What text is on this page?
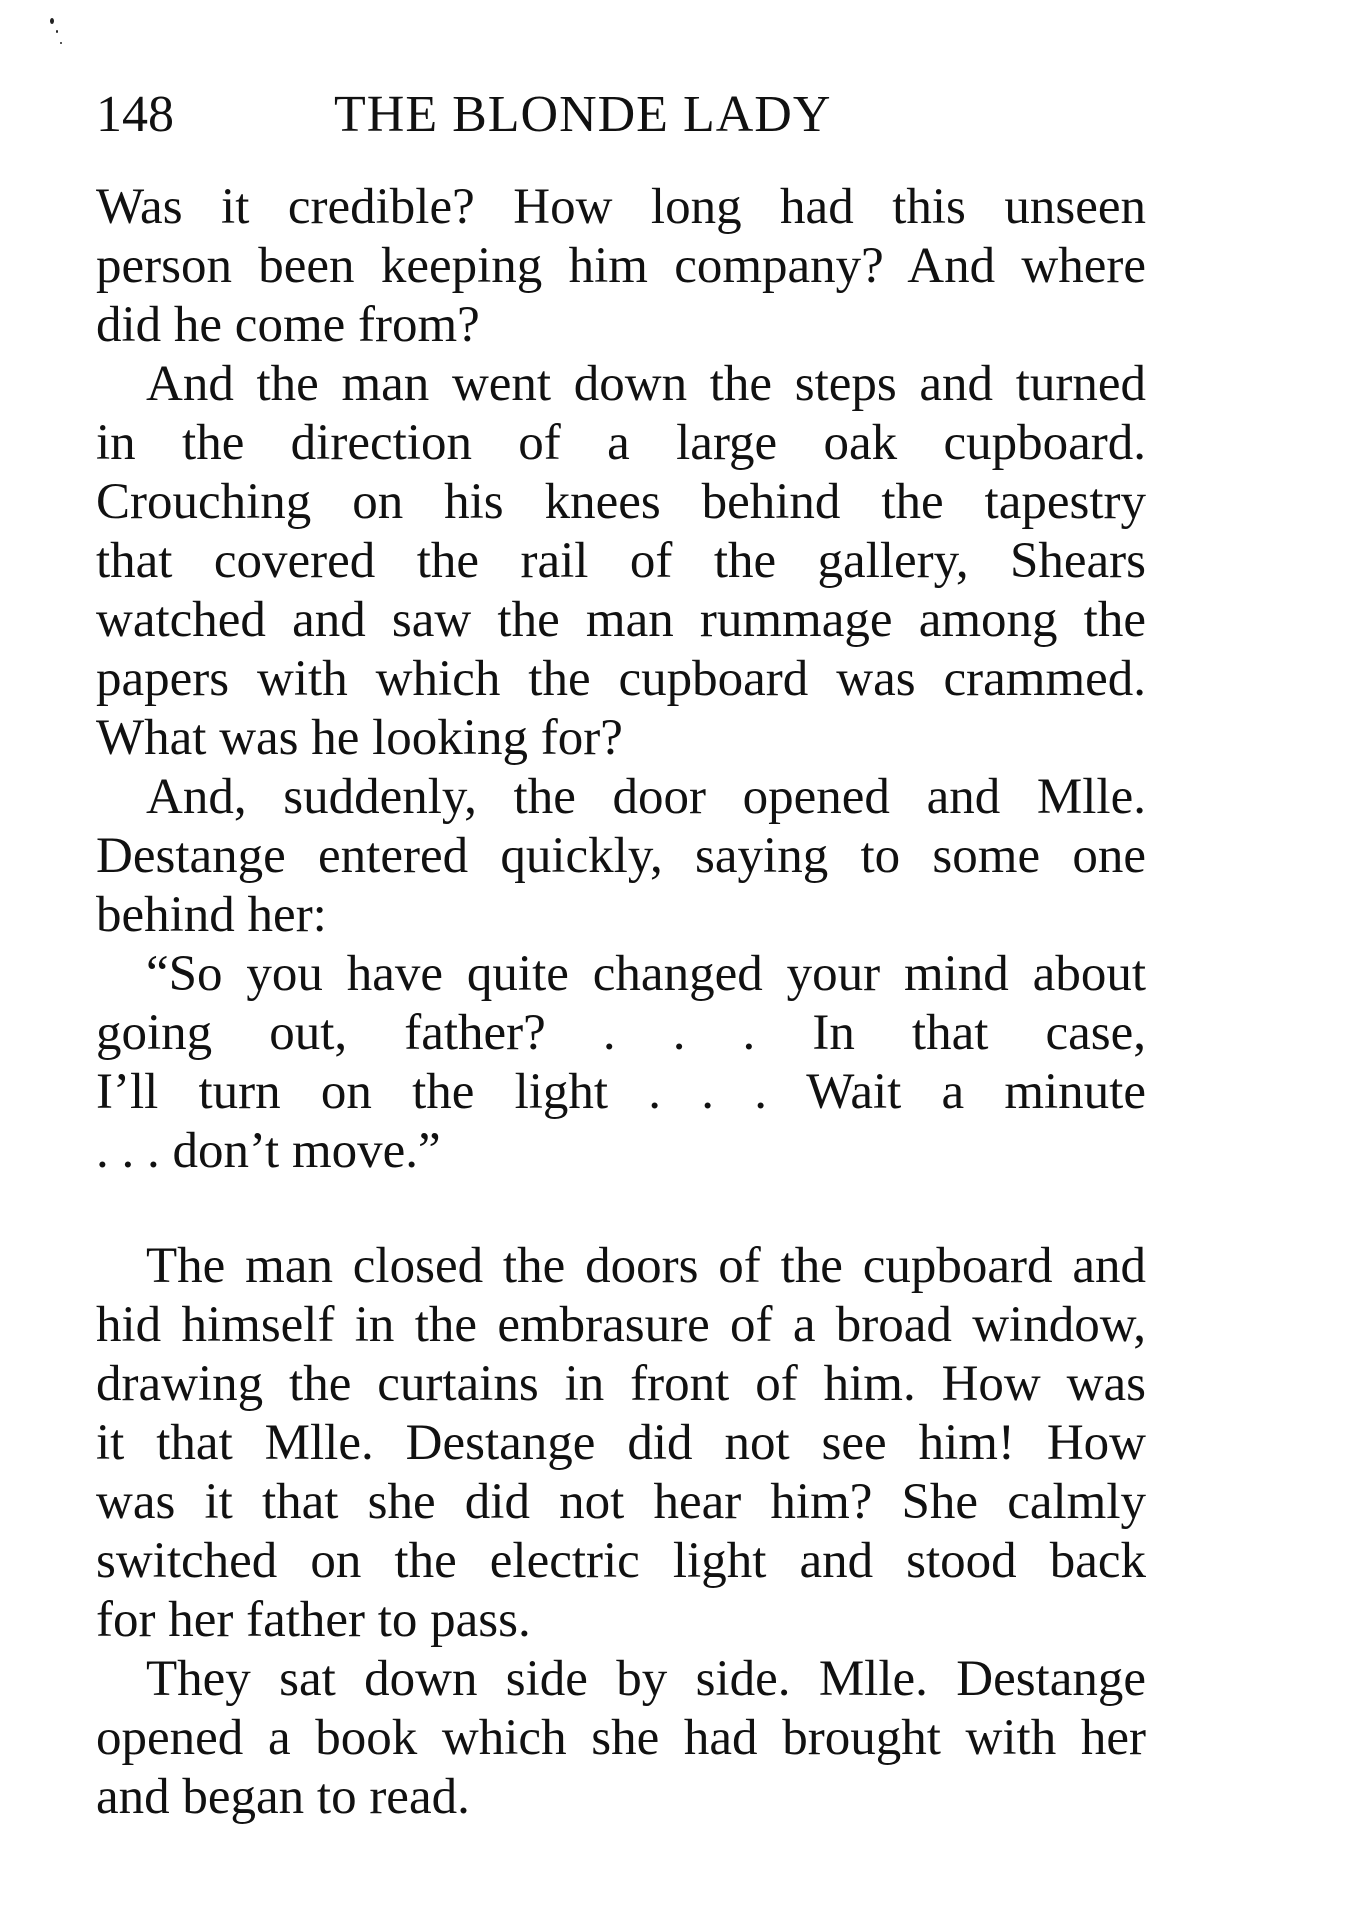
148	THE BLONDE LADY
Was it credible? How long had this unseen
person been keeping him company? And where
did he come from?
And the man went down the steps and turned
in the direction of a large oak cupboard.
Crouching on his knees behind the tapestry
that covered the rail of the gallery, Shears
watched and saw the man rummage among the
papers with which the cupboard was crammed.
What was he looking for?
And, suddenly, the door opened and Mlle.
Destange entered quickly, saying to some one
behind her:
“So you have quite changed your mind about
going out, father? . . . In that case,
I’ll turn on the light . . . Wait a minute
. . . don’t move.”
The man closed the doors of the cupboard and
hid himself in the embrasure of a broad window,
drawing the curtains in front of him. How was
it that Mlle. Destange did not see him! How
was it that she did not hear him? She calmly
switched on the electric light and stood back
for her father to pass.
They sat down side by side. Mlle. Destange
opened a book which she had brought with her
and began to read.
